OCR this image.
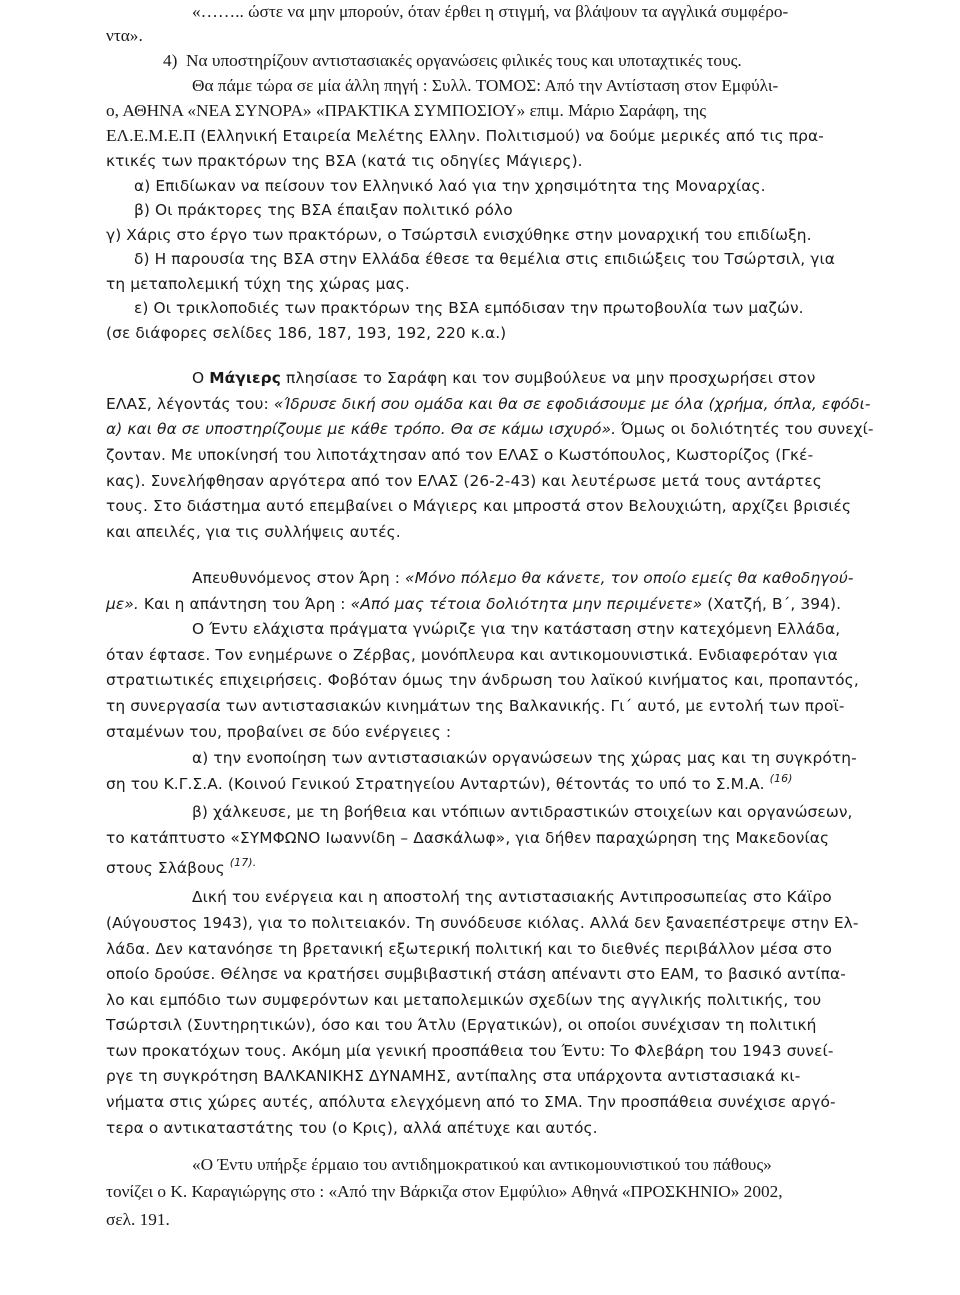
«…….. ώστε να μην μπορούν, όταν έρθει η στιγμή, να βλάψουν τα αγγλικά συμφέρο-
ντα».
4)  Να υποστηρίζουν αντιστασιακές οργανώσεις φιλικές τους και υποταχτικές τους.
Θα πάμε τώρα σε μία άλλη πηγή : Συλλ. ΤΟΜΟΣ: Από την Αντίσταση στον Εμφύλι-
ο, ΑΘΗΝΑ «ΝΕΑ ΣΥΝΟΡΑ» «ΠΡΑΚΤΙΚΑ ΣΥΜΠΟΣΙΟΥ» επιμ. Μάριο Σαράφη, της
ΕΛ.Ε.Μ.Ε.Π (Ελληνική Εταιρεία Μελέτης Ελλην. Πολιτισμού) να δούμε μερικές από τις πρα-
κτικές των πρακτόρων της ΒΣΑ (κατά τις οδηγίες Μάγιερς).
α) Επιδίωκαν να πείσουν τον Ελληνικό λαό για την χρησιμότητα της Μοναρχίας.
β) Οι πράκτορες της ΒΣΑ έπαιξαν πολιτικό ρόλο
γ) Χάρις στο έργο των πρακτόρων, ο Τσώρτσιλ ενισχύθηκε στην μοναρχική του επιδίωξη.
δ) Η παρουσία της ΒΣΑ στην Ελλάδα έθεσε τα θεμέλια στις επιδιώξεις του Τσώρτσιλ, για
τη μεταπολεμική τύχη της χώρας μας.
ε) Οι τρικλοποδιές των πρακτόρων της ΒΣΑ εμπόδισαν την πρωτοβουλία των μαζών.
(σε διάφορες σελίδες 186, 187, 193, 192, 220 κ.α.)
Ο Μάγιερς πλησίασε το Σαράφη και τον συμβούλευε να μην προσχωρήσει στον
ΕΛΑΣ, λέγοντάς του: «Ίδρυσε δική σου ομάδα και θα σε εφοδιάσουμε με όλα (χρήμα, όπλα, εφόδι-
α) και θα σε υποστηρίζουμε με κάθε τρόπο. Θα σε κάμω ισχυρό». Όμως οι δολιότητές του συνεχί-
ζονταν. Με υποκίνησή του λιποτάχτησαν από τον ΕΛΑΣ ο Κωστόπουλος, Κωστορίζος (Γκέ-
κας). Συνελήφθησαν αργότερα από τον ΕΛΑΣ (26-2-43) και λευτέρωσε μετά τους αντάρτες
τους. Στο διάστημα αυτό επεμβαίνει ο Μάγιερς και μπροστά στον Βελουχιώτη, αρχίζει βρισιές
και απειλές, για τις συλλήψεις αυτές.
Απευθυνόμενος στον Άρη : «Μόνο πόλεμο θα κάνετε, τον οποίο εμείς θα καθοδηγού-
με». Και η απάντηση του Άρη : «Από μας τέτοια δολιότητα μην περιμένετε» (Χατζή, Β΄, 394).
Ο Έντυ ελάχιστα πράγματα γνώριζε για την κατάσταση στην κατεχόμενη Ελλάδα,
όταν έφτασε. Τον ενημέρωνε ο Ζέρβας, μονόπλευρα και αντικομουνιστικά. Ενδιαφερόταν για
στρατιωτικές επιχειρήσεις. Φοβόταν όμως την άνδρωση του λαϊκού κινήματος και, προπαντός,
τη συνεργασία των αντιστασιακών κινημάτων της Βαλκανικής. Γι΄ αυτό, με εντολή των προϊ-
σταμένων του, προβαίνει σε δύο ενέργειες :
α) την ενοποίηση των αντιστασιακών οργανώσεων της χώρας μας και τη συγκρότη-
ση του Κ.Γ.Σ.Α. (Κοινού Γενικού Στρατηγείου Ανταρτών), θέτοντάς το υπό το Σ.Μ.Α. $^{(16)}$
β) χάλκευσε, με τη βοήθεια και ντόπιων αντιδραστικών στοιχείων και οργανώσεων,
το κατάπτυστο «ΣΥΜΦΩΝΟ Ιωαννίδη – Δασκάλωφ», για δήθεν παραχώρηση της Μακεδονίας
στους Σλάβους $^{(17).}$
Δική του ενέργεια και η αποστολή της αντιστασιακής Αντιπροσωπείας στο Κάϊρο
(Αύγουστος 1943), για το πολιτειακόν. Τη συνόδευσε κιόλας. Αλλά δεν ξαναεπέστρεψε στην Ελ-
λάδα. Δεν κατανόησε τη βρετανική εξωτερική πολιτική και το διεθνές περιβάλλον μέσα στο
οποίο δρούσε. Θέλησε να κρατήσει συμβιβαστική στάση απέναντι στο ΕΑΜ, το βασικό αντίπα-
λο και εμπόδιο των συμφερόντων και μεταπολεμικών σχεδίων της αγγλικής πολιτικής, του
Τσώρτσιλ (Συντηρητικών), όσο και του Άτλυ (Εργατικών), οι οποίοι συνέχισαν τη πολιτική
των προκατόχων τους. Ακόμη μία γενική προσπάθεια του Έντυ: Το Φλεβάρη του 1943 συνεί-
ργε τη συγκρότηση ΒΑΛΚΑΝΙΚΗΣ ΔΥΝΑΜΗΣ, αντίπαλης στα υπάρχοντα αντιστασιακά κι-
νήματα στις χώρες αυτές, απόλυτα ελεγχόμενη από το ΣΜΑ. Την προσπάθεια συνέχισε αργό-
τερα ο αντικαταστάτης του (ο Κρις), αλλά απέτυχε και αυτός.
«Ο Έντυ υπήρξε έρμαιο του αντιδημοκρατικού και αντικομουνιστικού του πάθους»
τονίζει ο Κ. Καραγιώργης στο : «Από την Βάρκιζα στον Εμφύλιο» Αθηνά «ΠΡΟΣΚΗΝΙΟ» 2002,
σελ. 191.
